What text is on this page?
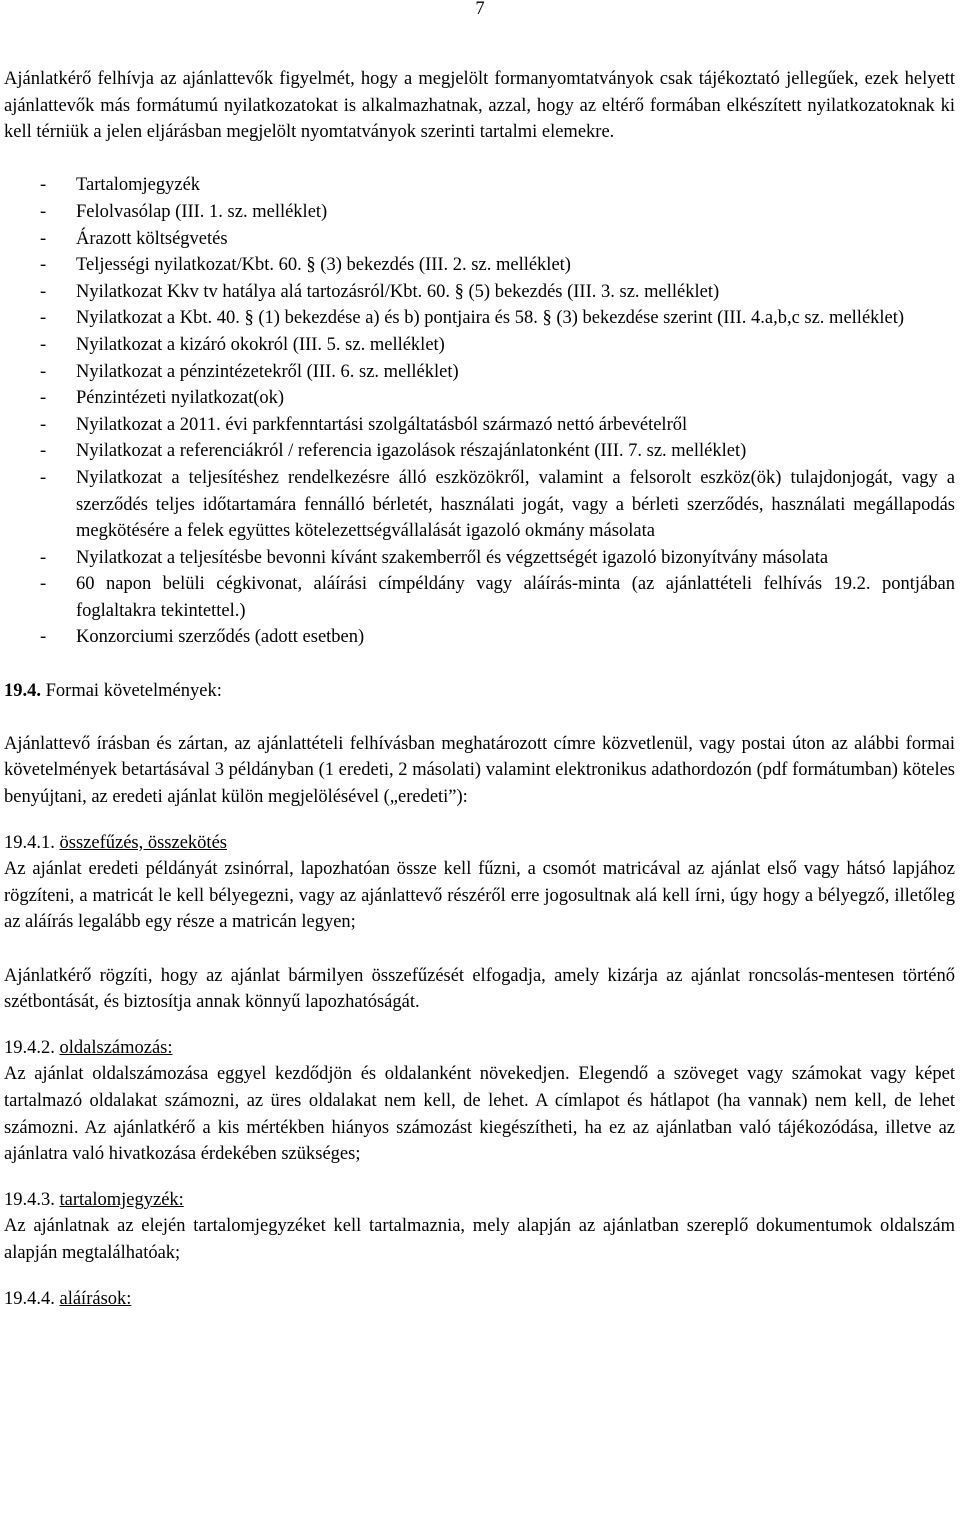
7

Ajánlatkérő felhívja az ajánlattevők figyelmét, hogy a megjelölt formanyomtatványok csak tájékoztató jellegűek, ezek helyett ajánlattevők más formátumú nyilatkozatokat is alkalmazhatnak, azzal, hogy az eltérő formában elkészített nyilatkozatoknak ki kell térniük a jelen eljárásban megjelölt nyomtatványok szerinti tartalmi elemekre.

- Tartalomjegyzék
- Felolvasólap (III. 1. sz. melléklet)
- Árazott költségvetés
- Teljességi nyilatkozat/Kbt. 60. § (3) bekezdés (III. 2. sz. melléklet)
- Nyilatkozat Kkv tv hatálya alá tartozásról/Kbt. 60. § (5) bekezdés (III. 3. sz. melléklet)
- Nyilatkozat a Kbt. 40. § (1) bekezdése a) és b) pontjaira és 58. § (3) bekezdése szerint (III. 4.a,b,c sz. melléklet)
- Nyilatkozat a kizáró okokról (III. 5. sz. melléklet)
- Nyilatkozat a pénzintézetekről (III. 6. sz. melléklet)
- Pénzintézeti nyilatkozat(ok)
- Nyilatkozat a 2011. évi parkfenntartási szolgáltatásból származó nettó árbevételről
- Nyilatkozat a referenciákról / referencia igazolások részajánlatonként (III. 7. sz. melléklet)
- Nyilatkozat a teljesítéshez rendelkezésre álló eszközökről, valamint a felsorolt eszköz(ök) tulajdonjogát, vagy a szerződés teljes időtartamára fennálló bérletét, használati jogát, vagy a bérleti szerződés, használati megállapodás megkötésére a felek együttes kötelezettségvállalását igazoló okmány másolata
- Nyilatkozat a teljesítésbe bevonni kívánt szakemberről és végzettségét igazoló bizonyítvány másolata
- 60 napon belüli cégkivonat, aláírási címpéldány vagy aláírás-minta (az ajánlattételi felhívás 19.2. pontjában foglaltakra tekintettel.)
- Konzorciumi szerződés (adott esetben)

19.4. Formai követelmények:

Ajánlattevő írásban és zártan, az ajánlattételi felhívásban meghatározott címre közvetlenül, vagy postai úton az alábbi formai követelmények betartásával 3 példányban (1 eredeti, 2 másolati) valamint elektronikus adathordozón (pdf formátumban) köteles benyújtani, az eredeti ajánlat külön megjelölésével („eredeti”):

19.4.1. összefűzés, összekötés

Az ajánlat eredeti példányát zsinórral, lapozhatóan össze kell fűzni, a csomót matricával az ajánlat első vagy hátsó lapjához rögzíteni, a matricát le kell bélyegezni, vagy az ajánlattevő részéről erre jogosultnak alá kell írni, úgy hogy a bélyegző, illetőleg az aláírás legalább egy része a matricán legyen;

Ajánlatkérő rögzíti, hogy az ajánlat bármilyen összefűzését elfogadja, amely kizárja az ajánlat roncsolás-mentesen történő szétbontását, és biztosítja annak könnyű lapozhatóságát.

19.4.2. oldalszámozás:

Az ajánlat oldalszámozása eggyel kezdődjön és oldalanként növekedjen. Elegendő a szöveget vagy számokat vagy képet tartalmazó oldalakat számozni, az üres oldalakat nem kell, de lehet. A címlapot és hátlapot (ha vannak) nem kell, de lehet számozni. Az ajánlatkérő a kis mértékben hiányos számozást kiegészítheti, ha ez az ajánlatban való tájékozódása, illetve az ajánlatra való hivatkozása érdekében szükséges;

19.4.3. tartalomjegyzék:

Az ajánlatnak az elején tartalomjegyzéket kell tartalmaznia, mely alapján az ajánlatban szereplő dokumentumok oldalszám alapján megtalálhatóak;

19.4.4. aláírások:
